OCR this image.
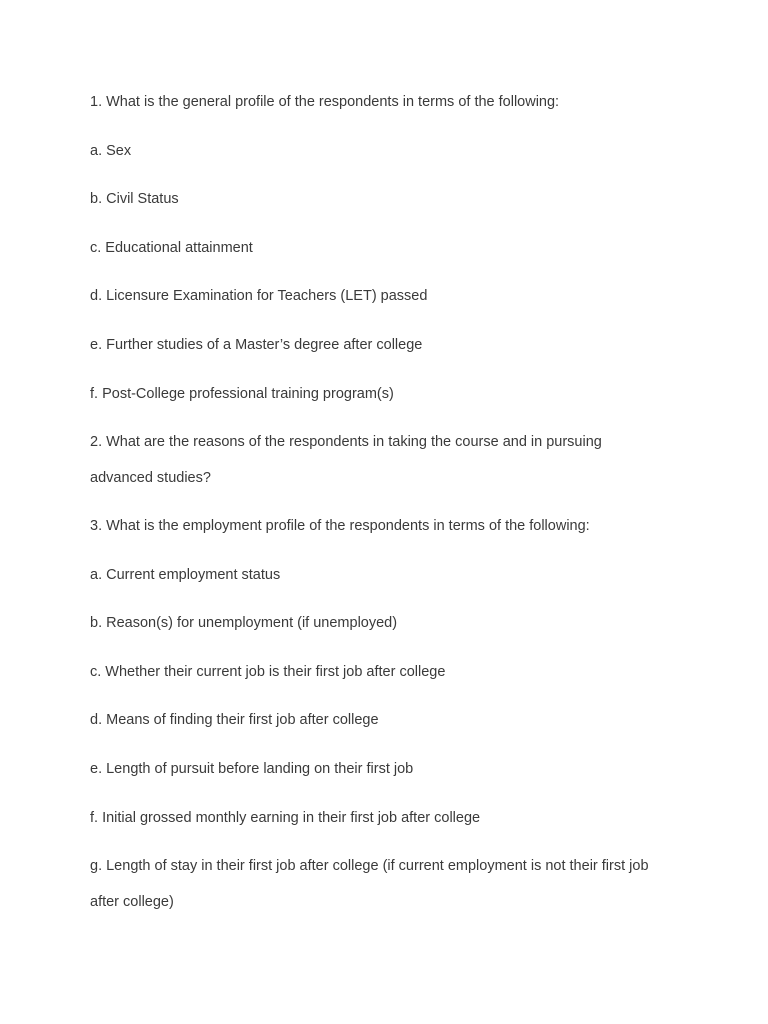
1. What is the general profile of the respondents in terms of the following:
a. Sex
b. Civil Status
c. Educational attainment
d. Licensure Examination for Teachers (LET) passed
e. Further studies of a Master’s degree after college
f. Post-College professional training program(s)
2. What are the reasons of the respondents in taking the course and in pursuing
advanced studies?
3. What is the employment profile of the respondents in terms of the following:
a. Current employment status
b. Reason(s) for unemployment (if unemployed)
c. Whether their current job is their first job after college
d. Means of finding their first job after college
e. Length of pursuit before landing on their first job
f. Initial grossed monthly earning in their first job after college
g. Length of stay in their first job after college (if current employment is not their first job
after college)
